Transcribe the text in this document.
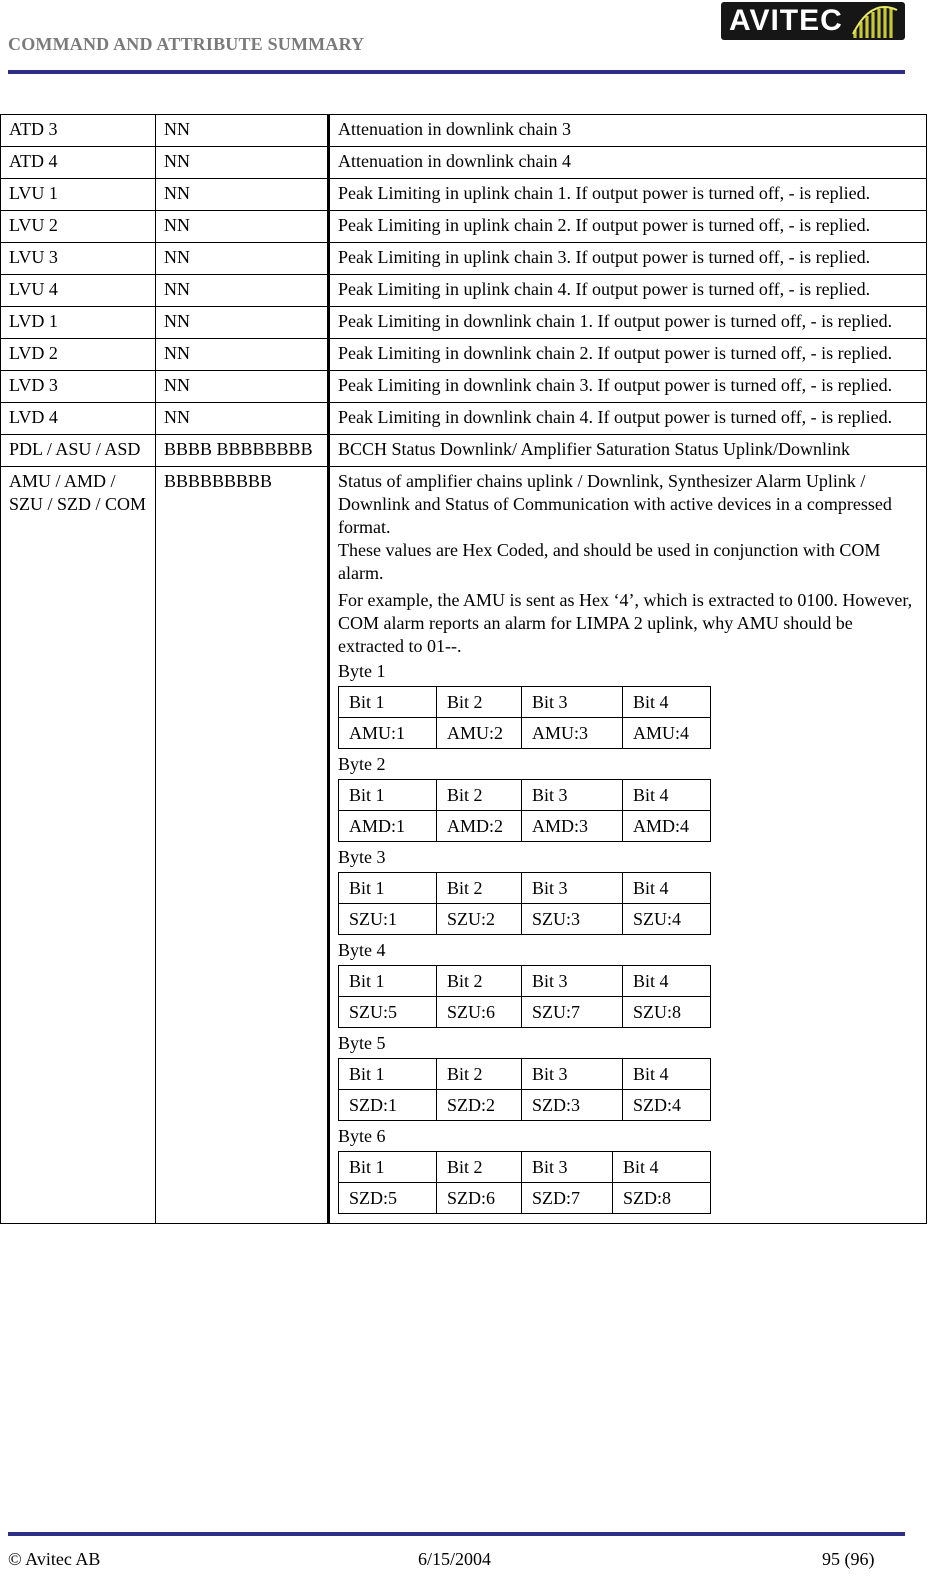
COMMAND AND ATTRIBUTE SUMMARY
AVITEC
ATD 3	NN	Attenuation in downlink chain 3
ATD 4	NN	Attenuation in downlink chain 4
LVU 1	NN	Peak Limiting in uplink chain 1. If output power is turned off, - is replied.
LVU 2	NN	Peak Limiting in uplink chain 2. If output power is turned off, - is replied.
LVU 3	NN	Peak Limiting in uplink chain 3. If output power is turned off, - is replied.
LVU 4	NN	Peak Limiting in uplink chain 4. If output power is turned off, - is replied.
LVD 1	NN	Peak Limiting in downlink chain 1. If output power is turned off, - is replied.
LVD 2	NN	Peak Limiting in downlink chain 2. If output power is turned off, - is replied.
LVD 3	NN	Peak Limiting in downlink chain 3. If output power is turned off, - is replied.
LVD 4	NN	Peak Limiting in downlink chain 4. If output power is turned off, - is replied.
PDL / ASU / ASD	BBBB BBBBBBBB	BCCH Status Downlink/ Amplifier Saturation Status Uplink/Downlink
AMU / AMD / SZU / SZD / COM	BBBBBBBBB	Status of amplifier chains uplink / Downlink, Synthesizer Alarm Uplink / Downlink and Status of Communication with active devices in a compressed format.

These values are Hex Coded, and should be used in conjunction with COM alarm.

For example, the AMU is sent as Hex ‘4’, which is extracted to 0100. However, COM alarm reports an alarm for LIMPA 2 uplink, why AMU should be extracted to 01--.

Byte 1
Bit 1	Bit 2	Bit 3	Bit 4
AMU:1	AMU:2	AMU:3	AMU:4
Byte 2
Bit 1	Bit 2	Bit 3	Bit 4
AMD:1	AMD:2	AMD:3	AMD:4
Byte 3
Bit 1	Bit 2	Bit 3	Bit 4
SZU:1	SZU:2	SZU:3	SZU:4
Byte 4
Bit 1	Bit 2	Bit 3	Bit 4
SZU:5	SZU:6	SZU:7	SZU:8
Byte 5
Bit 1	Bit 2	Bit 3	Bit 4
SZD:1	SZD:2	SZD:3	SZD:4
Byte 6
Bit 1	Bit 2	Bit 3	Bit 4
SZD:5	SZD:6	SZD:7	SZD:8
© Avitec AB	6/15/2004	95 (96)
